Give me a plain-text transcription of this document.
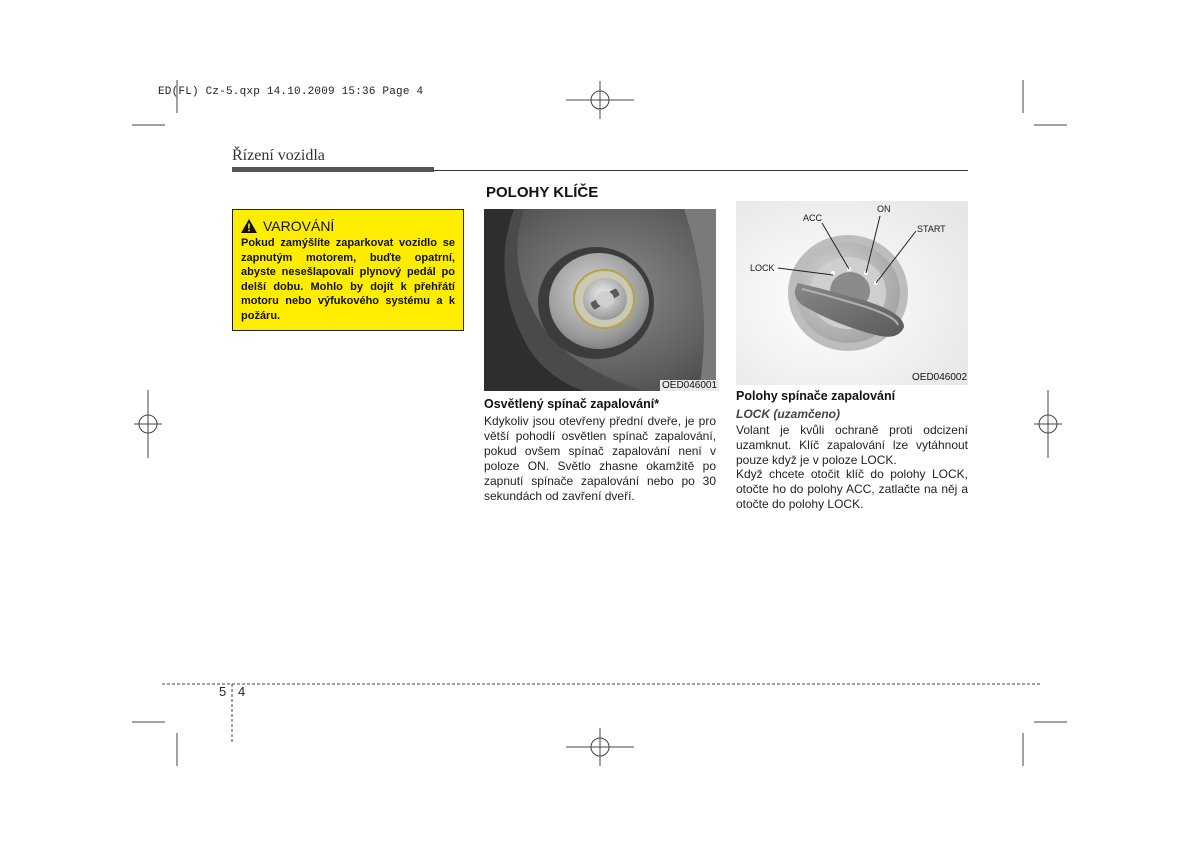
ED(FL) Cz-5.qxp 14.10.2009 15:36 Page 4
Řízení vozidla
VAROVÁNÍ
Pokud zamýšlíte zaparkovat vozidlo se zapnutým motorem, buďte opatrní, abyste nesešlapovali plynový pedál po delší dobu. Mohlo by dojít k přehřátí motoru nebo výfukového systému a k požáru.
POLOHY KLÍČE
OED046001
ACC
ON
START
LOCK
OED046002
Osvětlený spínač zapalování*
Kdykoliv jsou otevřeny přední dveře, je pro větší pohodlí osvětlen spínač zapalování, pokud ovšem spínač zapalování není v poloze ON. Světlo zhasne okamžitě po zapnutí spínače zapalování nebo po 30 sekundách od zavření dveří.
Polohy spínače zapalování
LOCK (uzamčeno)
Volant je kvůli ochraně proti odcizení uzamknut. Klíč zapalování lze vytáhnout pouze když je v poloze LOCK.
Když chcete otočit klíč do polohy LOCK, otočte ho do polohy ACC, zatlačte na něj a otočte do polohy LOCK.
5 4
